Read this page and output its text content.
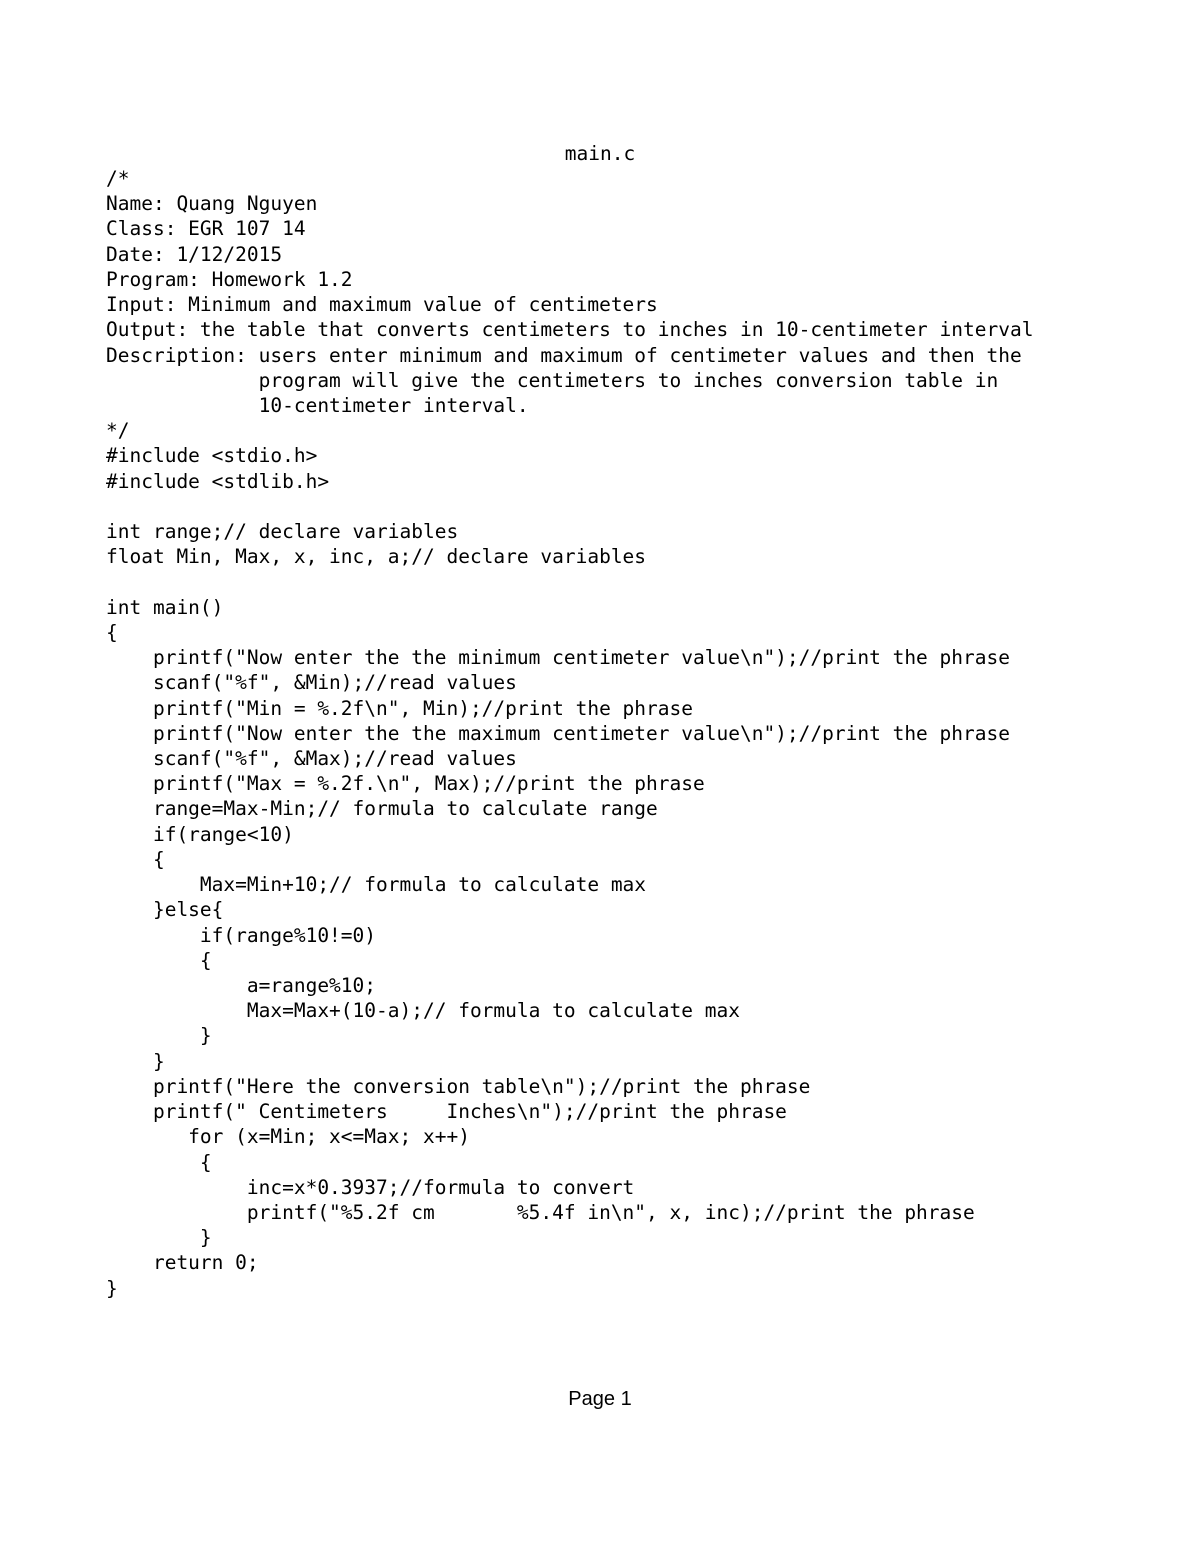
main.c
/*
Name: Quang Nguyen
Class: EGR 107 14
Date: 1/12/2015
Program: Homework 1.2
Input: Minimum and maximum value of centimeters
Output: the table that converts centimeters to inches in 10-centimeter interval
Description: users enter minimum and maximum of centimeter values and then the
program will give the centimeters to inches conversion table in
10-centimeter interval.
*/
#include <stdio.h>
#include <stdlib.h>
int range;// declare variables
float Min, Max, x, inc, a;// declare variables
int main()
{
printf("Now enter the the minimum centimeter value\n");//print the phrase
scanf("%f", &Min);//read values
printf("Min = %.2f\n", Min);//print the phrase
printf("Now enter the the maximum centimeter value\n");//print the phrase
scanf("%f", &Max);//read values
printf("Max = %.2f.\n", Max);//print the phrase
range=Max-Min;// formula to calculate range
if(range<10)
{
Max=Min+10;// formula to calculate max
}else{
if(range%10!=0)
{
a=range%10;
Max=Max+(10-a);// formula to calculate max
}
}
printf("Here the conversion table\n");//print the phrase
printf(" Centimeters     Inches\n");//print the phrase
for (x=Min; x<=Max; x++)
{
inc=x*0.3937;//formula to convert
printf("%5.2f cm       %5.4f in\n", x, inc);//print the phrase
}
return 0;
}
Page 1
